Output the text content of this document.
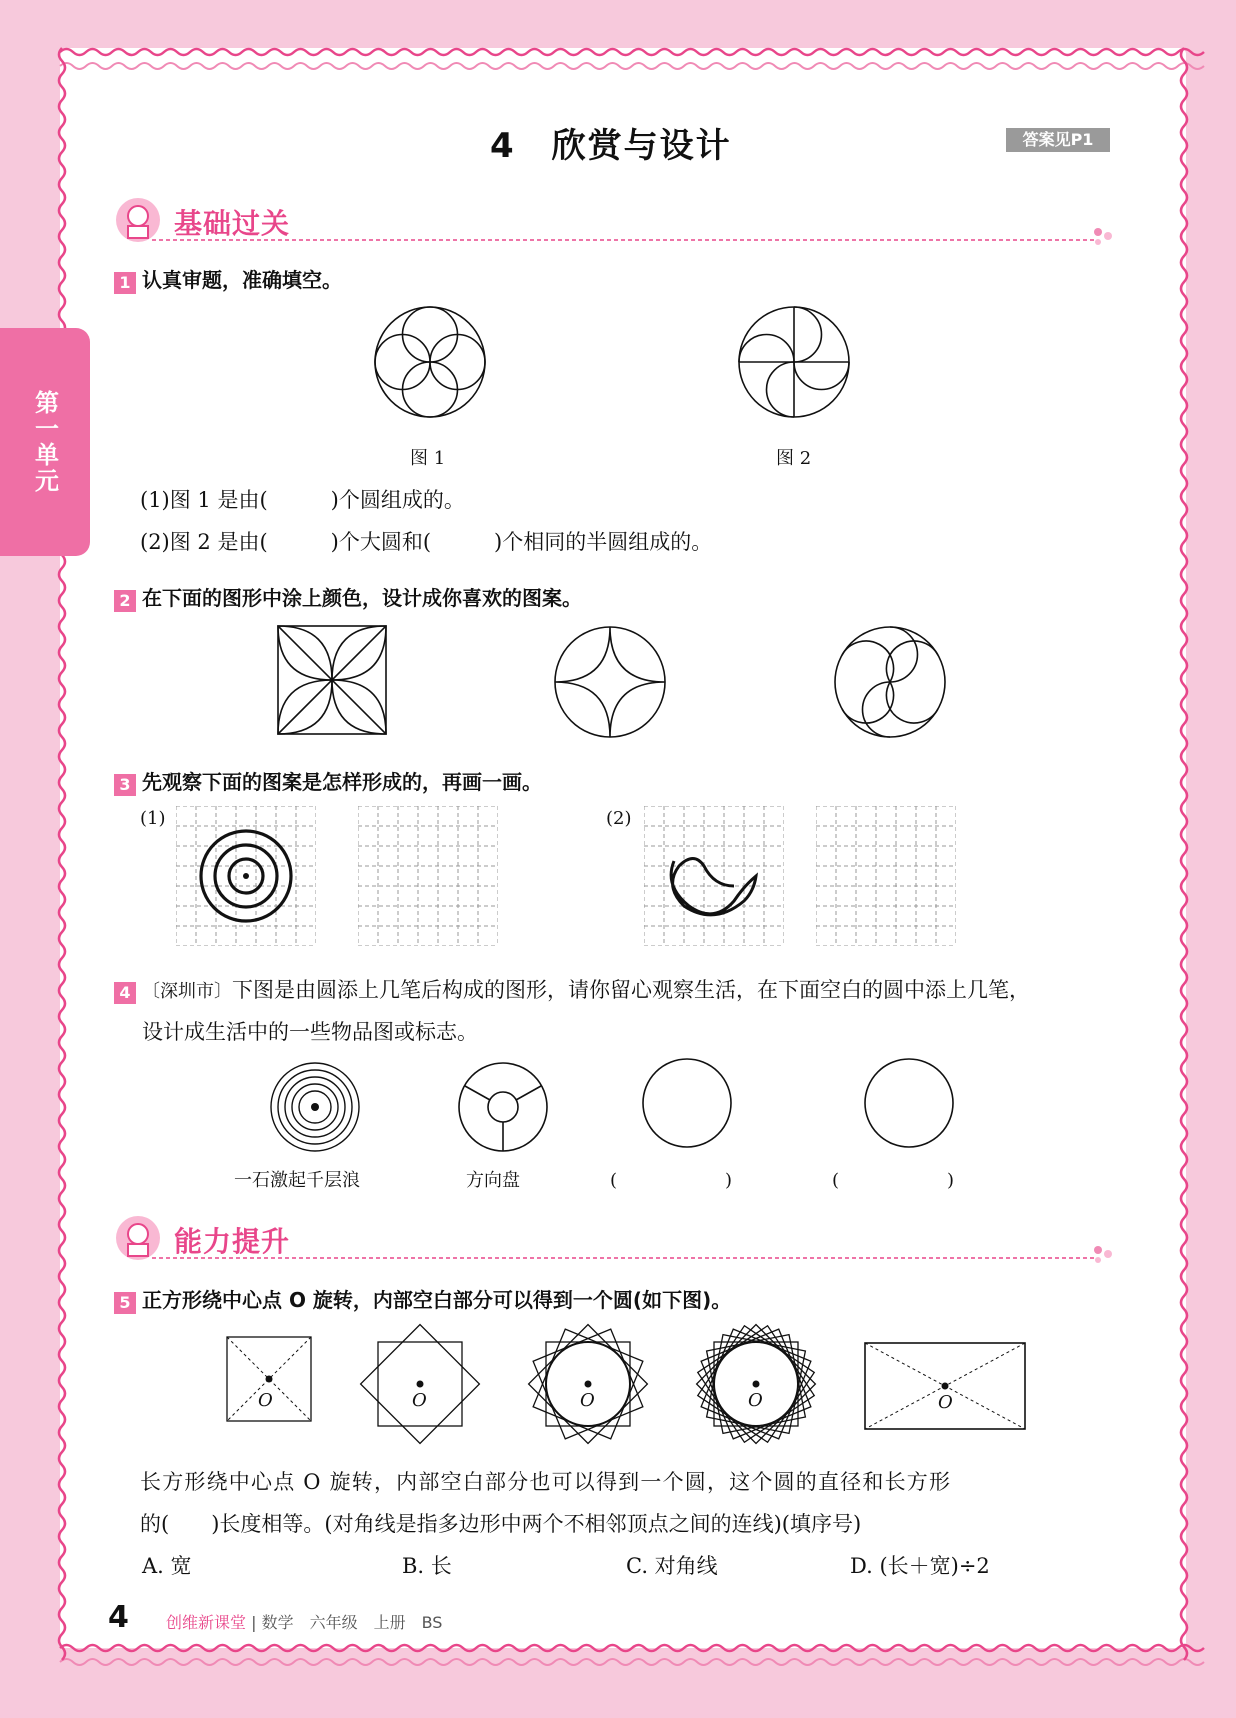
第一单元
4　欣赏与设计	答案见P1
基础过关
1 认真审题，准确填空。
图 1	图 2
(1)图 1 是由(　　　)个圆组成的。
(2)图 2 是由(　　　)个大圆和(　　　)个相同的半圆组成的。
2 在下面的图形中涂上颜色，设计成你喜欢的图案。
3 先观察下面的图案是怎样形成的，再画一画。
(1)	(2)
4 〔深圳市〕下图是由圆添上几笔后构成的图形，请你留心观察生活，在下面空白的圆中添上几笔，
设计成生活中的一些物品图或标志。
一石激起千层浪	方向盘	(　　　　　　)	(　　　　　　)
能力提升
5 正方形绕中心点 O 旋转，内部空白部分可以得到一个圆(如下图)。
O	O	O	O	O
长方形绕中心点 O 旋转，内部空白部分也可以得到一个圆，这个圆的直径和长方形
的(　　)长度相等。(对角线是指多边形中两个不相邻顶点之间的连线)(填序号)
A. 宽	B. 长	C. 对角线	D. (长＋宽)÷2
4 创维新课堂 | 数学　六年级　上册　BS
